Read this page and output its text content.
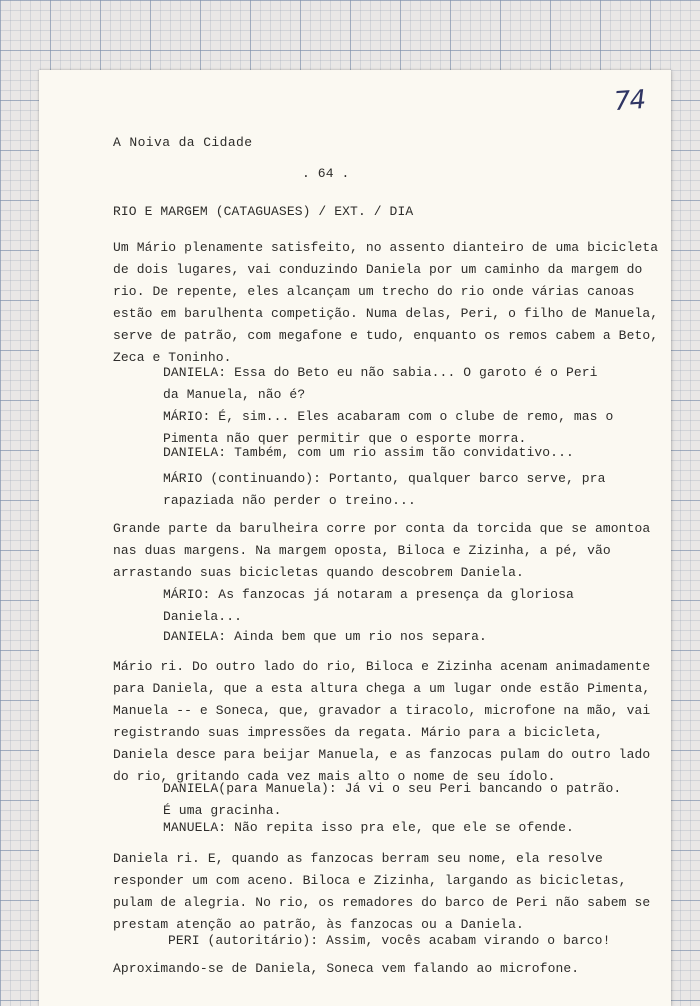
74
A Noiva da Cidade
. 64 .
RIO E MARGEM (CATAGUASES) / EXT. / DIA
Um Mário plenamente satisfeito, no assento dianteiro de uma bicicleta
de dois lugares, vai conduzindo Daniela por um caminho da margem do
rio. De repente, eles alcançam um trecho do rio onde várias canoas
estão em barulhenta competição. Numa delas, Peri, o filho de Manuela,
serve de patrão, com megafone e tudo, enquanto os remos cabem a Beto,
Zeca e Toninho.
DANIELA: Essa do Beto eu não sabia... O garoto é o Peri
da Manuela, não é?
MÁRIO: É, sim... Eles acabaram com o clube de remo, mas o
Pimenta não quer permitir que o esporte morra.
DANIELA: Também, com um rio assim tão convidativo...
MÁRIO (continuando): Portanto, qualquer barco serve, pra
rapaziada não perder o treino...
Grande parte da barulheira corre por conta da torcida que se amontoa
nas duas margens. Na margem oposta, Biloca e Zizinha, a pé, vão
arrastando suas bicicletas quando descobrem Daniela.
MÁRIO: As fanzocas já notaram a presença da gloriosa
Daniela...
DANIELA: Ainda bem que um rio nos separa.
Mário ri. Do outro lado do rio, Biloca e Zizinha acenam animadamente
para Daniela, que a esta altura chega a um lugar onde estão Pimenta,
Manuela -- e Soneca, que, gravador a tiracolo, microfone na mão, vai
registrando suas impressões da regata. Mário para a bicicleta,
Daniela desce para beijar Manuela, e as fanzocas pulam do outro lado
do rio, gritando cada vez mais alto o nome de seu ídolo.
DANIELA(para Manuela): Já vi o seu Peri bancando o patrão.
É uma gracinha.
MANUELA: Não repita isso pra ele, que ele se ofende.
Daniela ri. E, quando as fanzocas berram seu nome, ela resolve
responder um com aceno. Biloca e Zizinha, largando as bicicletas,
pulam de alegria. No rio, os remadores do barco de Peri não sabem se
prestam atenção ao patrão, às fanzocas ou a Daniela.
PERI (autoritário): Assim, vocês acabam virando o barco!
Aproximando-se de Daniela, Soneca vem falando ao microfone.
